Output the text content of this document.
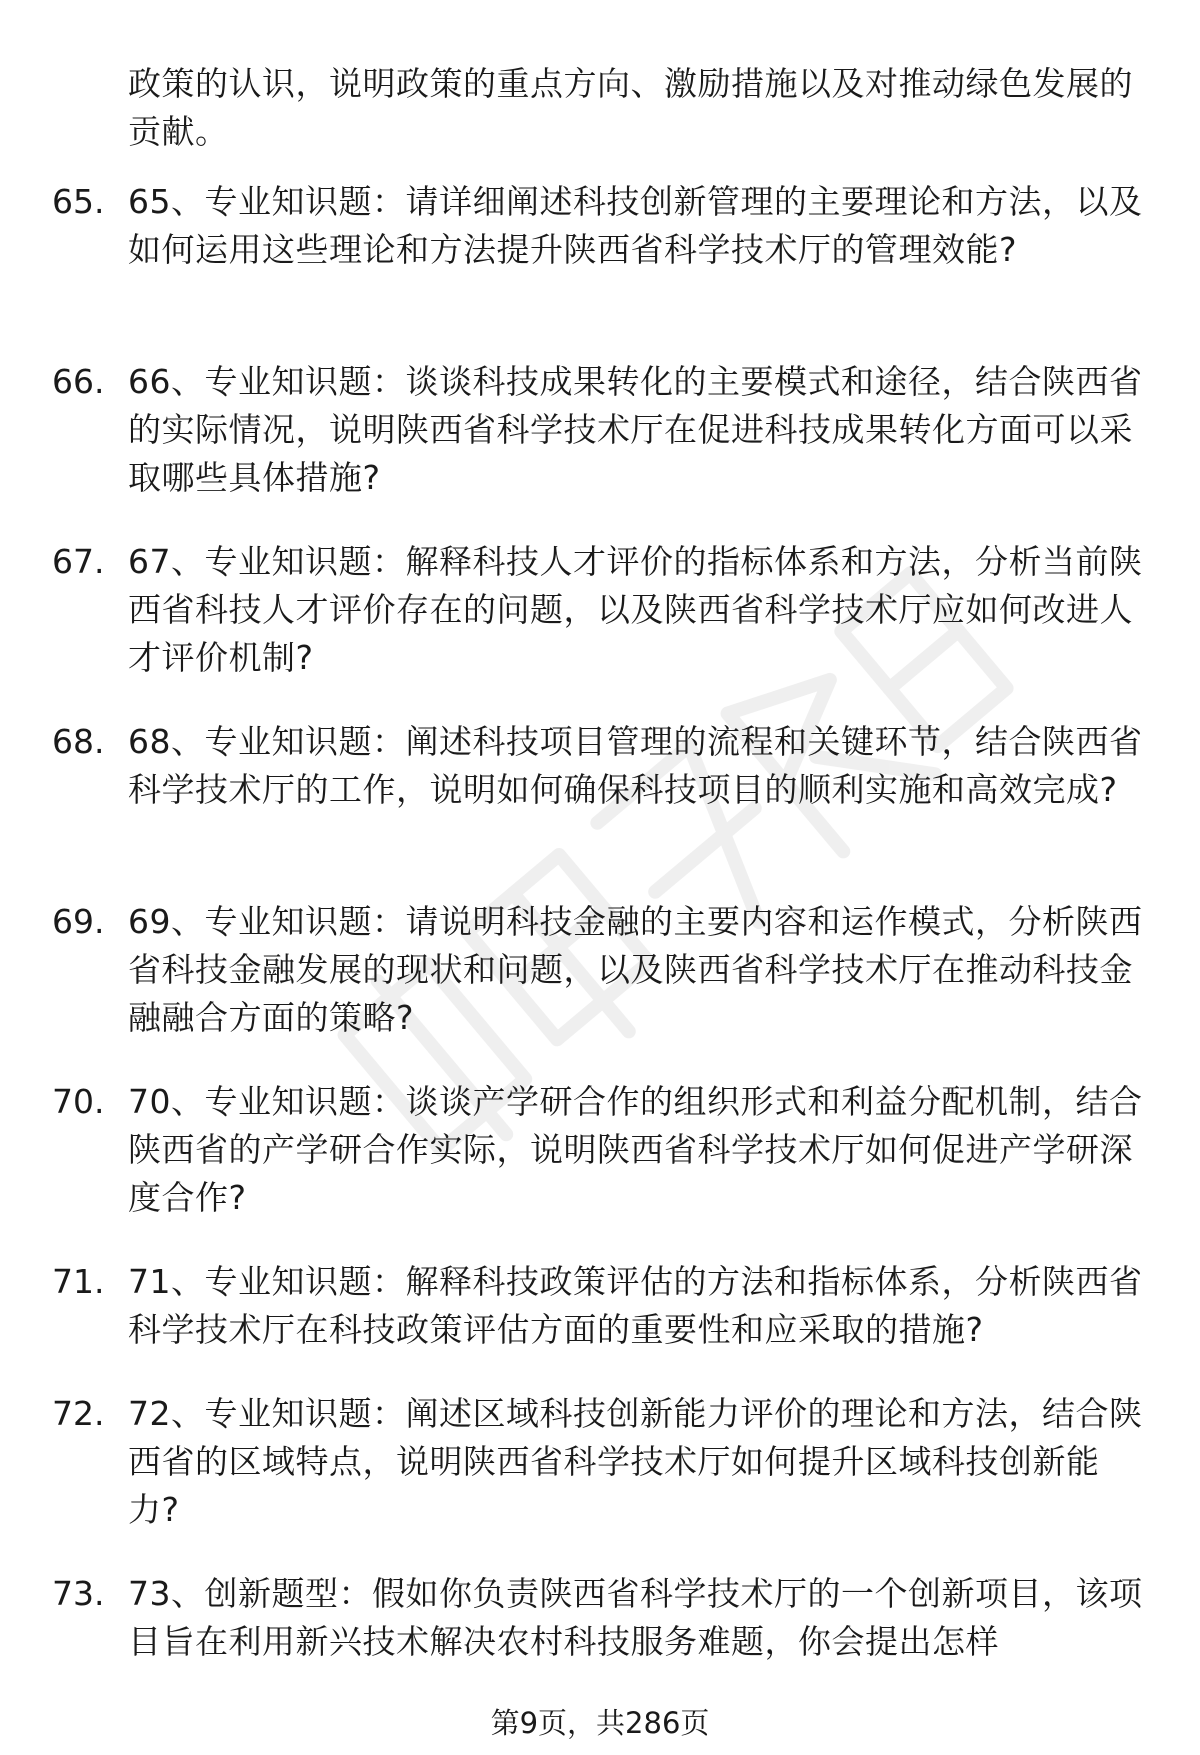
政策的认识，说明政策的重点方向、激励措施以及对推动绿色发展的贡献。
65. 65、专业知识题：请详细阐述科技创新管理的主要理论和方法，以及如何运用这些理论和方法提升陕西省科学技术厅的管理效能?
66. 66、专业知识题：谈谈科技成果转化的主要模式和途径，结合陕西省的实际情况，说明陕西省科学技术厅在促进科技成果转化方面可以采取哪些具体措施?
67. 67、专业知识题：解释科技人才评价的指标体系和方法，分析当前陕西省科技人才评价存在的问题，以及陕西省科学技术厅应如何改进人才评价机制?
68. 68、专业知识题：阐述科技项目管理的流程和关键环节，结合陕西省科学技术厅的工作，说明如何确保科技项目的顺利实施和高效完成?
69. 69、专业知识题：请说明科技金融的主要内容和运作模式，分析陕西省科技金融发展的现状和问题，以及陕西省科学技术厅在推动科技金融融合方面的策略?
70. 70、专业知识题：谈谈产学研合作的组织形式和利益分配机制，结合陕西省的产学研合作实际，说明陕西省科学技术厅如何促进产学研深度合作?
71. 71、专业知识题：解释科技政策评估的方法和指标体系，分析陕西省科学技术厅在科技政策评估方面的重要性和应采取的措施?
72. 72、专业知识题：阐述区域科技创新能力评价的理论和方法，结合陕西省的区域特点，说明陕西省科学技术厅如何提升区域科技创新能力?
73. 73、创新题型：假如你负责陕西省科学技术厅的一个创新项目，该项目旨在利用新兴技术解决农村科技服务难题，你会提出怎样
第9页，共286页
